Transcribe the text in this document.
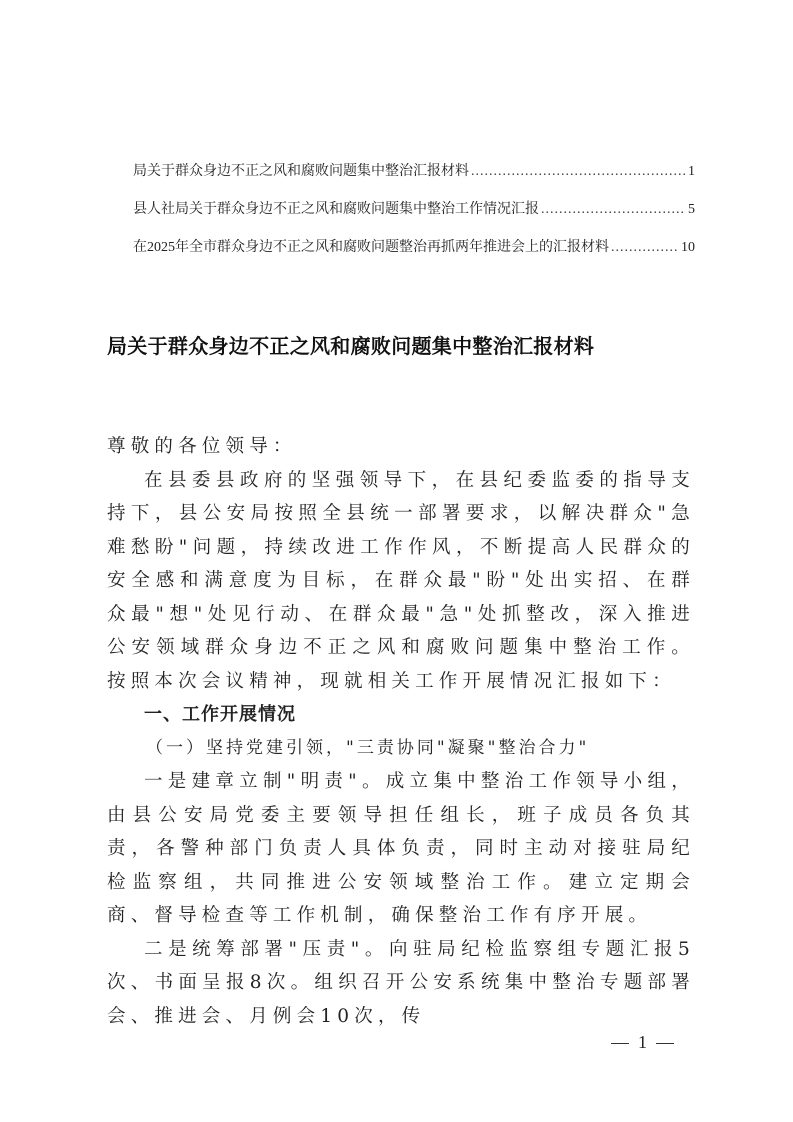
局关于群众身边不正之风和腐败问题集中整治汇报材料 .....	1
县人社局关于群众身边不正之风和腐败问题集中整治工作情况汇报 .....	5
在2025年全市群众身边不正之风和腐败问题整治再抓两年推进会上的汇报材料 .....	10
局关于群众身边不正之风和腐败问题集中整治汇报材料

尊敬的各位领导：

在县委县政府的坚强领导下，在县纪委监委的指导支持下，县公安局按照全县统一部署要求，以解决群众"急难愁盼"问题，持续改进工作作风，不断提高人民群众的安全感和满意度为目标，在群众最"盼"处出实招、在群众最"想"处见行动、在群众最"急"处抓整改，深入推进公安领域群众身边不正之风和腐败问题集中整治工作。按照本次会议精神，现就相关工作开展情况汇报如下：

一、工作开展情况

（一）坚持党建引领，"三责协同"凝聚"整治合力"

一是建章立制"明责"。成立集中整治工作领导小组，由县公安局党委主要领导担任组长，班子成员各负其责，各警种部门负责人具体负责，同时主动对接驻局纪检监察组，共同推进公安领域整治工作。建立定期会商、督导检查等工作机制，确保整治工作有序开展。

二是统筹部署"压责"。向驻局纪检监察组专题汇报5次、书面呈报8次。组织召开公安系统集中整治专题部署会、推进会、月例会10次，传

1
